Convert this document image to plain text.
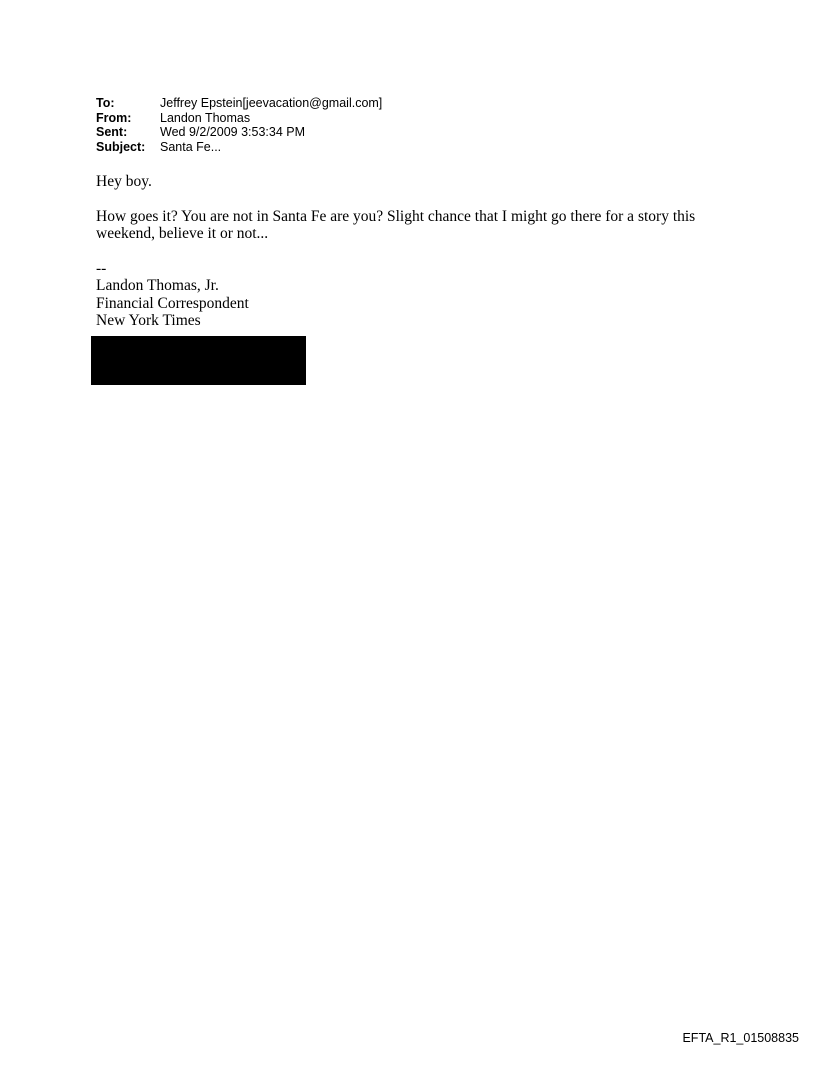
To:	Jeffrey Epstein[jeevacation@gmail.com]
From:	Landon Thomas
Sent:	Wed 9/2/2009 3:53:34 PM
Subject:	Santa Fe...

Hey boy.

How goes it? You are not in Santa Fe are you? Slight chance that I might go there for a story this weekend, believe it or not...

--
Landon Thomas, Jr.
Financial Correspondent
New York Times
EFTA_R1_01508835
